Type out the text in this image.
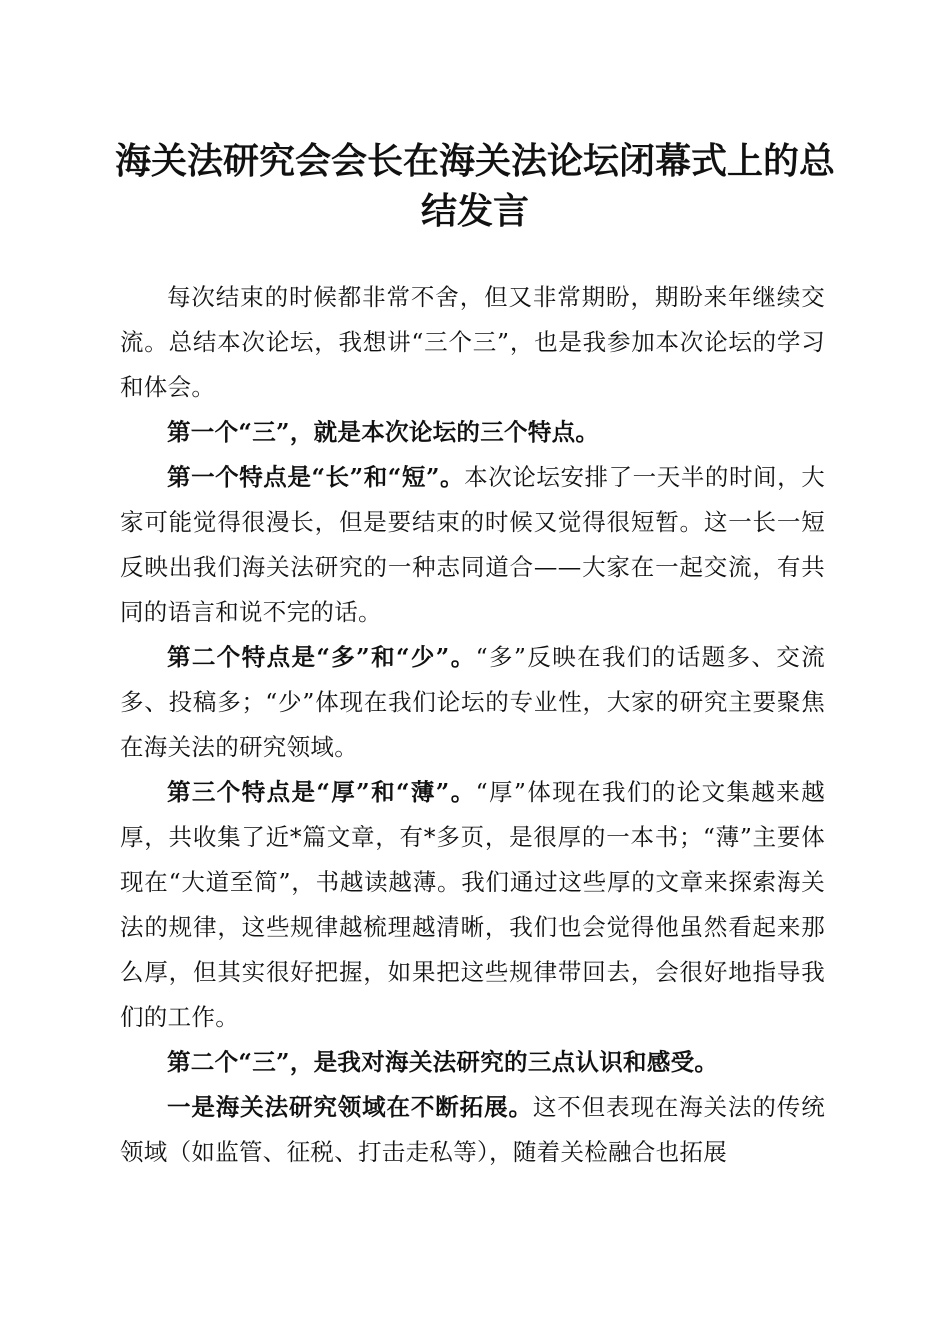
海关法研究会会长在海关法论坛闭幕式上的总结发言

每次结束的时候都非常不舍，但又非常期盼，期盼来年继续交流。总结本次论坛，我想讲“三个三”，也是我参加本次论坛的学习和体会。

第一个“三”，就是本次论坛的三个特点。

第一个特点是“长”和“短”。本次论坛安排了一天半的时间，大家可能觉得很漫长，但是要结束的时候又觉得很短暂。这一长一短反映出我们海关法研究的一种志同道合——大家在一起交流，有共同的语言和说不完的话。

第二个特点是“多”和“少”。“多”反映在我们的话题多、交流多、投稿多；“少”体现在我们论坛的专业性，大家的研究主要聚焦在海关法的研究领域。

第三个特点是“厚”和“薄”。“厚”体现在我们的论文集越来越厚，共收集了近*篇文章，有*多页，是很厚的一本书；“薄”主要体现在“大道至简”，书越读越薄。我们通过这些厚的文章来探索海关法的规律，这些规律越梳理越清晰，我们也会觉得他虽然看起来那么厚，但其实很好把握，如果把这些规律带回去，会很好地指导我们的工作。

第二个“三”，是我对海关法研究的三点认识和感受。

一是海关法研究领域在不断拓展。这不但表现在海关法的传统领域（如监管、征税、打击走私等），随着关检融合也拓展
